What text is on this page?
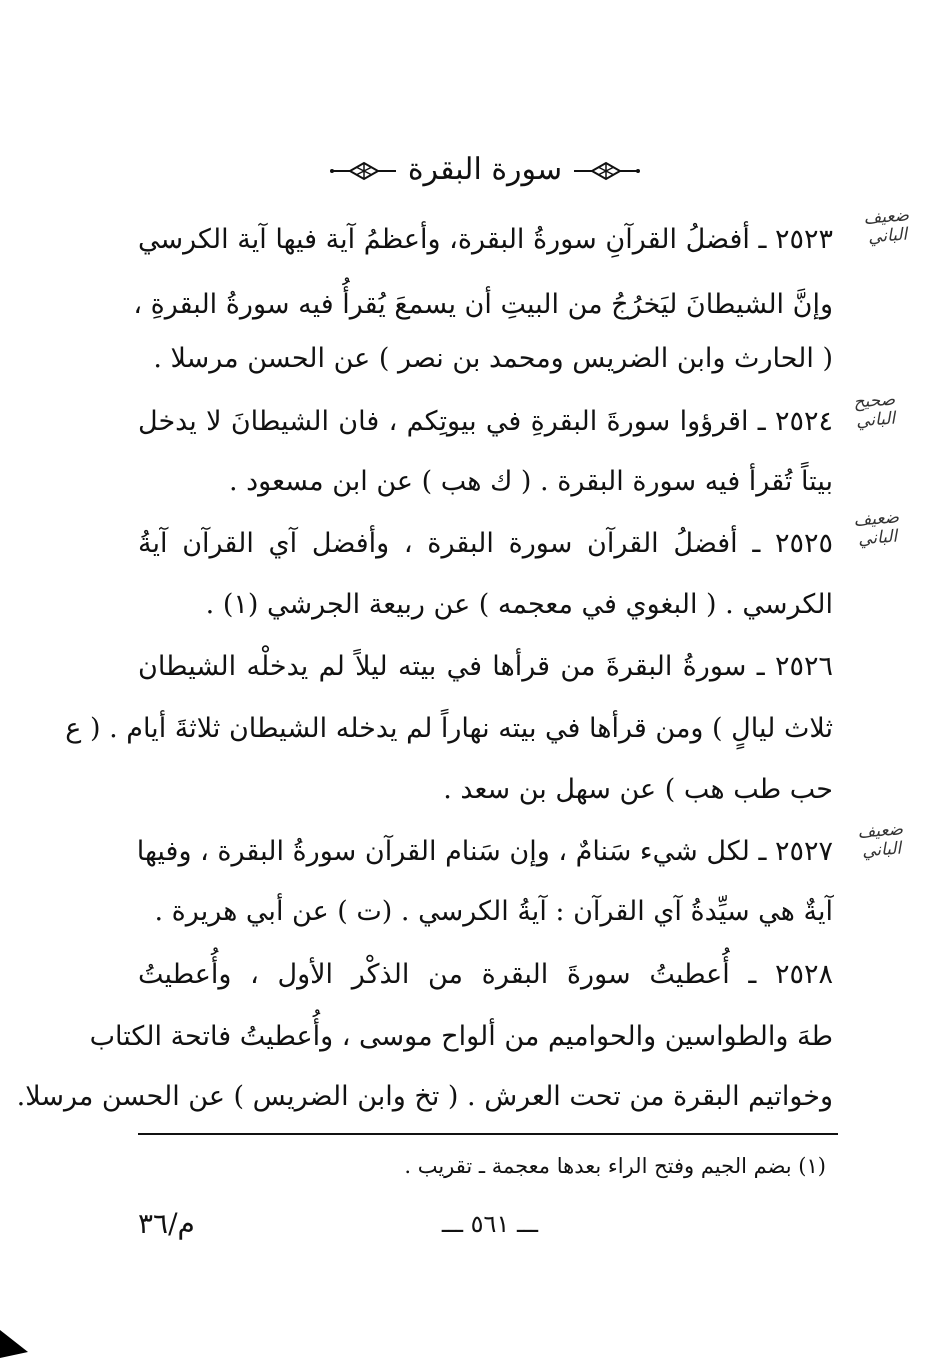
سورة البقرة
٢٥٢٣ ـ أفضلُ القرآنِ سورةُ البقرة، وأعظمُ آية فيها آية الكرسي
وإنَّ الشيطانَ ليَخرُجُ من البيتِ أن يسمعَ يُقرأُ فيه سورةُ البقرةِ ،
( الحارث وابن الضريس ومحمد بن نصر ) عن الحسن مرسلا .
٢٥٢٤ ـ اقرؤوا سورةَ البقرةِ في بيوتِكم ، فان الشيطانَ لا يدخل
بيتاً تُقرأ فيه سورة البقرة . ( ك هب ) عن ابن مسعود .
٢٥٢٥ ـ أفضلُ القرآن سورة البقرة ، وأفضل آي القرآن آيةُ
الكرسي . ( البغوي في معجمه ) عن ربيعة الجرشي (١) .
٢٥٢٦ ـ سورةُ البقرةَ من قرأها في بيته ليلاً لم يدخلْه الشيطان
ثلاث ليالٍ ) ومن قرأها في بيته نهاراً لم يدخله الشيطان ثلاثةَ أيام . ( ع
حب طب هب ) عن سهل بن سعد .
٢٥٢٧ ـ لكل شيء سَنامٌ ، وإن سَنام القرآن سورةُ البقرة ، وفيها
آيةٌ هي سيِّدةُ آي القرآن : آيةُ الكرسي . (ت ) عن أبي هريرة .
٢٥٢٨ ـ أُعطيتُ سورةَ البقرة من الذكْر الأول ، وأُعطيتُ
طهَ والطواسين والحواميم من ألواح موسى ، وأُعطيتُ فاتحة الكتاب
وخواتيم البقرة من تحت العرش . ( تخ وابن الضريس ) عن الحسن مرسلا.
ضعيف
الباني
صحيح
الباني
ضعيف
الباني
ضعيف
الباني
(١) بضم الجيم وفتح الراء بعدها معجمة ـ تقريب .
ـــ ٥٦١ ـــ
م/٣٦
